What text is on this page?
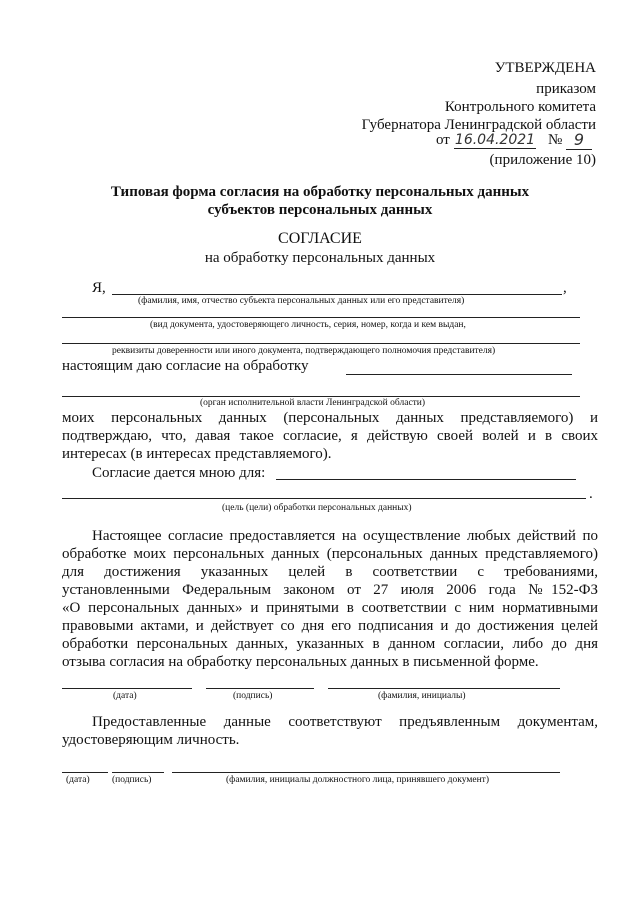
УТВЕРЖДЕНА
приказом
Контрольного комитета
Губернатора Ленинградской области
от 16.04.2021 № 9
(приложение 10)
Типовая форма согласия на обработку персональных данных
субъектов персональных данных
СОГЛАСИЕ
на обработку персональных данных
Я,	,
(фамилия, имя, отчество субъекта персональных данных или его представителя)
(вид документа, удостоверяющего личность, серия, номер, когда и кем выдан,
реквизиты доверенности или иного документа, подтверждающего полномочия представителя)
настоящим даю согласие на обработку
(орган исполнительной власти Ленинградской области)
моих персональных данных (персональных данных представляемого) и
подтверждаю, что, давая такое согласие, я действую своей волей и в своих
интересах (в интересах представляемого).
Согласие дается мною для:
.
(цель (цели) обработки персональных данных)
Настоящее согласие предоставляется на осуществление любых действий по
обработке моих персональных данных (персональных данных представляемого)
для достижения указанных целей в соответствии с требованиями,
установленными Федеральным законом от 27 июля 2006 года №152-ФЗ
«О персональных данных» и принятыми в соответствии с ним нормативными
правовыми актами, и действует со дня его подписания и до достижения целей
обработки персональных данных, указанных в данном согласии, либо до дня
отзыва согласия на обработку персональных данных в письменной форме.
(дата)	(подпись)	(фамилия, инициалы)
Предоставленные данные соответствуют предъявленным документам,
удостоверяющим личность.
(дата) (подпись)	(фамилия, инициалы должностного лица, принявшего документ)
